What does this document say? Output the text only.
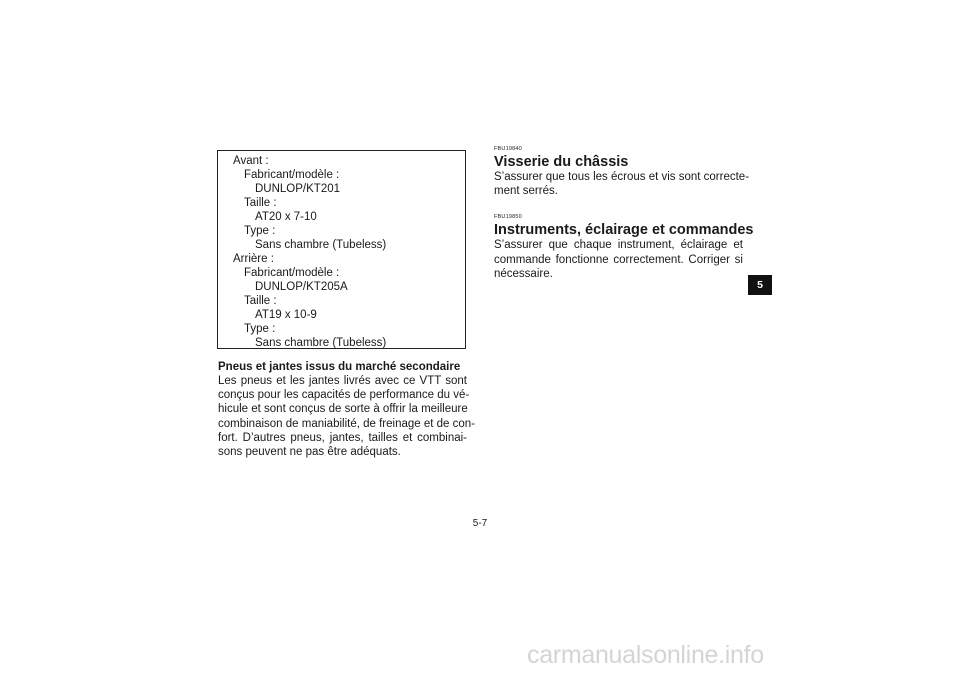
Avant :
Fabricant/modèle :
DUNLOP/KT201
Taille :
AT20 x 7-10
Type :
Sans chambre (Tubeless)
Arrière :
Fabricant/modèle :
DUNLOP/KT205A
Taille :
AT19 x 10-9
Type :
Sans chambre (Tubeless)
Pneus et jantes issus du marché secondaire
Les pneus et les jantes livrés avec ce VTT sont
conçus pour les capacités de performance du vé-
hicule et sont conçus de sorte à offrir la meilleure
combinaison de maniabilité, de freinage et de con-
fort. D’autres pneus, jantes, tailles et combinai-
sons peuvent ne pas être adéquats.
FBU19840
Visserie du châssis
S’assurer que tous les écrous et vis sont correcte-
ment serrés.
FBU19850
Instruments, éclairage et commandes
S’assurer que chaque instrument, éclairage et
commande fonctionne correctement. Corriger si
nécessaire.
5
5-7
carmanualsonline.info
